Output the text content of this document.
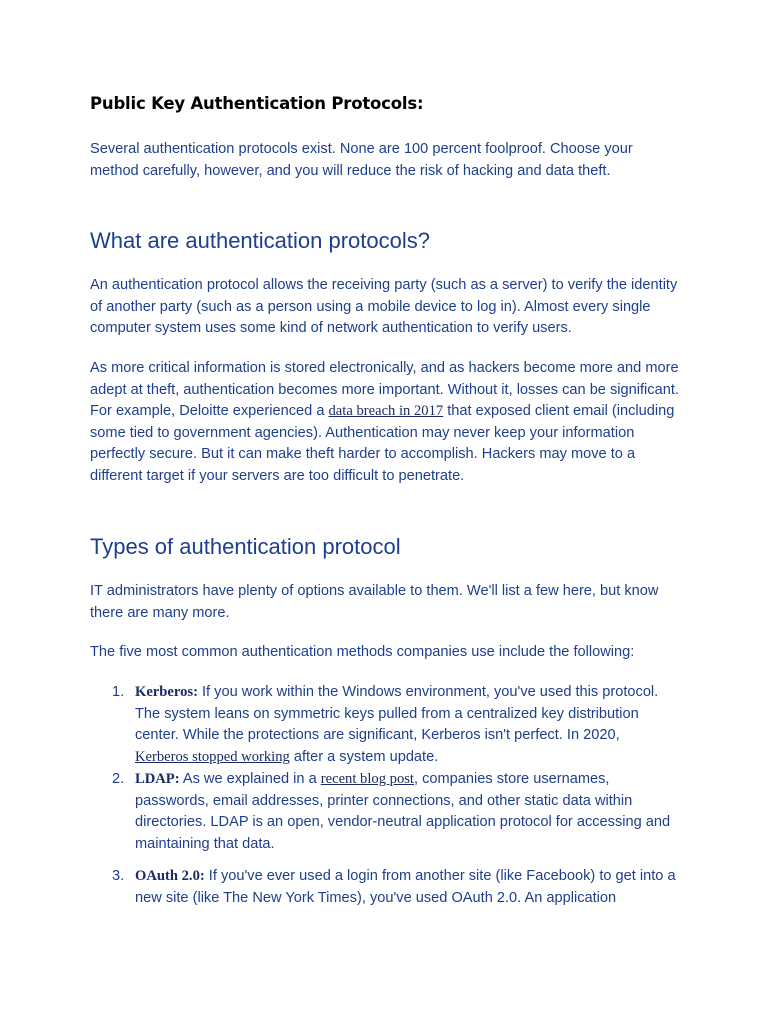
Public Key Authentication Protocols:

Several authentication protocols exist. None are 100 percent foolproof. Choose your method carefully, however, and you will reduce the risk of hacking and data theft.

What are authentication protocols?

An authentication protocol allows the receiving party (such as a server) to verify the identity of another party (such as a person using a mobile device to log in). Almost every single computer system uses some kind of network authentication to verify users.

As more critical information is stored electronically, and as hackers become more and more adept at theft, authentication becomes more important. Without it, losses can be significant. For example, Deloitte experienced a data breach in 2017 that exposed client email (including some tied to government agencies). Authentication may never keep your information perfectly secure. But it can make theft harder to accomplish. Hackers may move to a different target if your servers are too difficult to penetrate.

Types of authentication protocol

IT administrators have plenty of options available to them. We'll list a few here, but know there are many more.

The five most common authentication methods companies use include the following:

1. Kerberos: If you work within the Windows environment, you've used this protocol. The system leans on symmetric keys pulled from a centralized key distribution center. While the protections are significant, Kerberos isn't perfect. In 2020, Kerberos stopped working after a system update.

2. LDAP: As we explained in a recent blog post, companies store usernames, passwords, email addresses, printer connections, and other static data within directories. LDAP is an open, vendor-neutral application protocol for accessing and maintaining that data.

3. OAuth 2.0: If you've ever used a login from another site (like Facebook) to get into a new site (like The New York Times), you've used OAuth 2.0. An application
